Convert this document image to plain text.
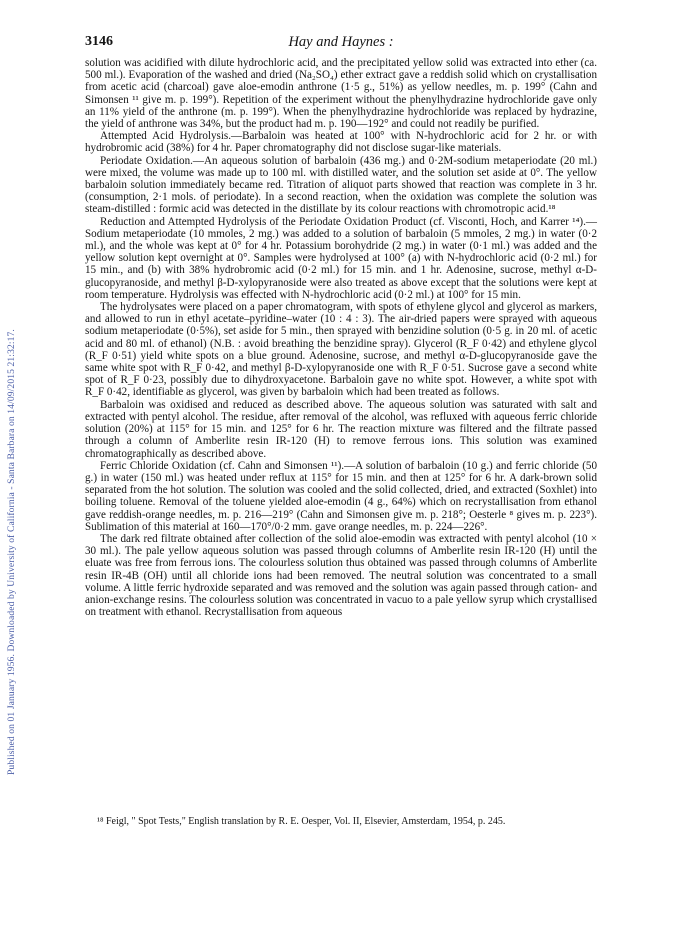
Published on 01 January 1956. Downloaded by University of California - Santa Barbara on 14/09/2015 21:32:17.
3146	Hay and Haynes :

solution was acidified with dilute hydrochloric acid, and the precipitated yellow solid was extracted into ether (ca. 500 ml.). Evaporation of the washed and dried (Na₂SO₄) ether extract gave a reddish solid which on crystallisation from acetic acid (charcoal) gave aloe-emodin anthrone (1·5 g., 51%) as yellow needles, m. p. 199° (Cahn and Simonsen ¹¹ give m. p. 199°). Repetition of the experiment without the phenylhydrazine hydrochloride gave only an 11% yield of the anthrone (m. p. 199°). When the phenylhydrazine hydrochloride was replaced by hydrazine, the yield of anthrone was 34%, but the product had m. p. 190—192° and could not readily be purified.

Attempted Acid Hydrolysis.—Barbaloin was heated at 100° with N-hydrochloric acid for 2 hr. or with hydrobromic acid (38%) for 4 hr. Paper chromatography did not disclose sugar-like materials.

Periodate Oxidation.—An aqueous solution of barbaloin (436 mg.) and 0·2M-sodium metaperiodate (20 ml.) were mixed, the volume was made up to 100 ml. with distilled water, and the solution set aside at 0°. The yellow barbaloin solution immediately became red. Titration of aliquot parts showed that reaction was complete in 3 hr. (consumption, 2·1 mols. of periodate). In a second reaction, when the oxidation was complete the solution was steam-distilled : formic acid was detected in the distillate by its colour reactions with chromotropic acid.¹⁸

Reduction and Attempted Hydrolysis of the Periodate Oxidation Product (cf. Visconti, Hoch, and Karrer ¹⁴).—Sodium metaperiodate (10 mmoles, 2 mg.) was added to a solution of barbaloin (5 mmoles, 2 mg.) in water (0·2 ml.), and the whole was kept at 0° for 4 hr. Potassium borohydride (2 mg.) in water (0·1 ml.) was added and the yellow solution kept overnight at 0°. Samples were hydrolysed at 100° (a) with N-hydrochloric acid (0·2 ml.) for 15 min., and (b) with 38% hydrobromic acid (0·2 ml.) for 15 min. and 1 hr. Adenosine, sucrose, methyl α-D-glucopyranoside, and methyl β-D-xylopyranoside were also treated as above except that the solutions were kept at room temperature. Hydrolysis was effected with N-hydrochloric acid (0·2 ml.) at 100° for 15 min.

The hydrolysates were placed on a paper chromatogram, with spots of ethylene glycol and glycerol as markers, and allowed to run in ethyl acetate–pyridine–water (10 : 4 : 3). The air-dried papers were sprayed with aqueous sodium metaperiodate (0·5%), set aside for 5 min., then sprayed with benzidine solution (0·5 g. in 20 ml. of acetic acid and 80 ml. of ethanol) (N.B. : avoid breathing the benzidine spray). Glycerol (R_F 0·42) and ethylene glycol (R_F 0·51) yield white spots on a blue ground. Adenosine, sucrose, and methyl α-D-glucopyranoside gave the same white spot with R_F 0·42, and methyl β-D-xylopyranoside one with R_F 0·51. Sucrose gave a second white spot of R_F 0·23, possibly due to dihydroxyacetone. Barbaloin gave no white spot. However, a white spot with R_F 0·42, identifiable as glycerol, was given by barbaloin which had been treated as follows.

Barbaloin was oxidised and reduced as described above. The aqueous solution was saturated with salt and extracted with pentyl alcohol. The residue, after removal of the alcohol, was refluxed with aqueous ferric chloride solution (20%) at 115° for 15 min. and 125° for 6 hr. The reaction mixture was filtered and the filtrate passed through a column of Amberlite resin IR-120 (H) to remove ferrous ions. This solution was examined chromatographically as described above.

Ferric Chloride Oxidation (cf. Cahn and Simonsen ¹¹).—A solution of barbaloin (10 g.) and ferric chloride (50 g.) in water (150 ml.) was heated under reflux at 115° for 15 min. and then at 125° for 6 hr. A dark-brown solid separated from the hot solution. The solution was cooled and the solid collected, dried, and extracted (Soxhlet) into boiling toluene. Removal of the toluene yielded aloe-emodin (4 g., 64%) which on recrystallisation from ethanol gave reddish-orange needles, m. p. 216—219° (Cahn and Simonsen give m. p. 218°; Oesterle ⁸ gives m. p. 223°). Sublimation of this material at 160—170°/0·2 mm. gave orange needles, m. p. 224—226°.

The dark red filtrate obtained after collection of the solid aloe-emodin was extracted with pentyl alcohol (10 × 30 ml.). The pale yellow aqueous solution was passed through columns of Amberlite resin IR-120 (H) until the eluate was free from ferrous ions. The colourless solution thus obtained was passed through columns of Amberlite resin IR-4B (OH) until all chloride ions had been removed. The neutral solution was concentrated to a small volume. A little ferric hydroxide separated and was removed and the solution was again passed through cation- and anion-exchange resins. The colourless solution was concentrated in vacuo to a pale yellow syrup which crystallised on treatment with ethanol. Recrystallisation from aqueous

¹⁸ Feigl, " Spot Tests," English translation by R. E. Oesper, Vol. II, Elsevier, Amsterdam, 1954, p. 245.
